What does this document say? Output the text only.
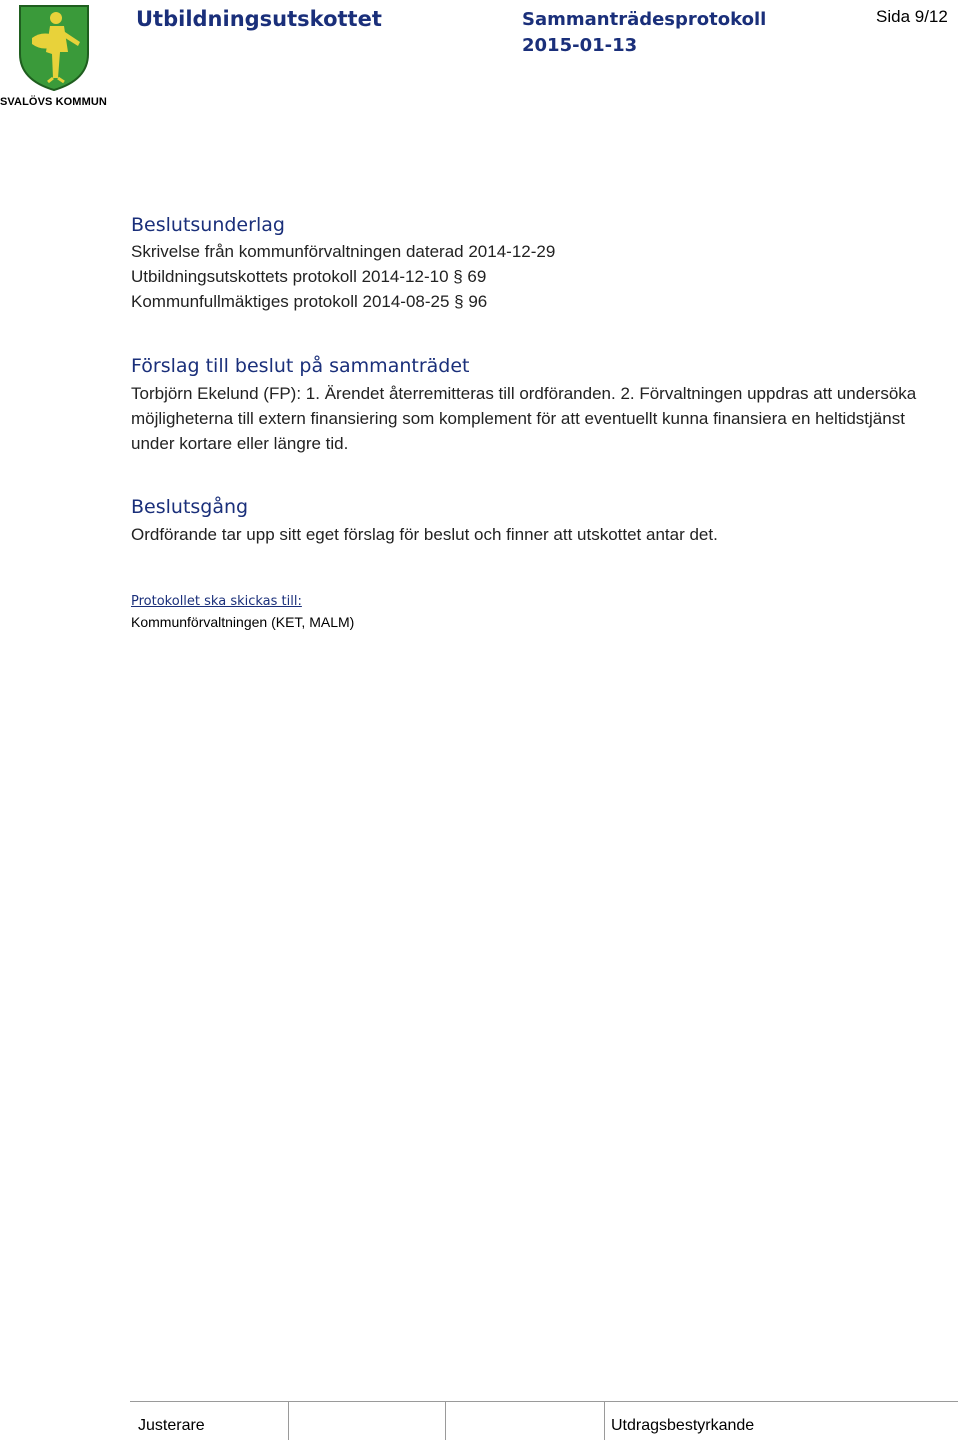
SVALÖVS KOMMUN
Utbildningsutskottet	Sammanträdesprotokoll
2015-01-13
Sida 9/12
Beslutsunderlag
Skrivelse från kommunförvaltningen daterad 2014-12-29
Utbildningsutskottets protokoll 2014-12-10 § 69
Kommunfullmäktiges protokoll 2014-08-25 § 96
Förslag till beslut på sammanträdet
Torbjörn Ekelund (FP): 1. Ärendet återremitteras till ordföranden. 2. Förvaltningen uppdras att undersöka möjligheterna till extern finansiering som komplement för att eventuellt kunna finansiera en heltidstjänst under kortare eller längre tid.
Beslutsgång
Ordförande tar upp sitt eget förslag för beslut och finner att utskottet antar det.
Protokollet ska skickas till:
Kommunförvaltningen (KET, MALM)
Justerare	Utdragsbestyrkande
